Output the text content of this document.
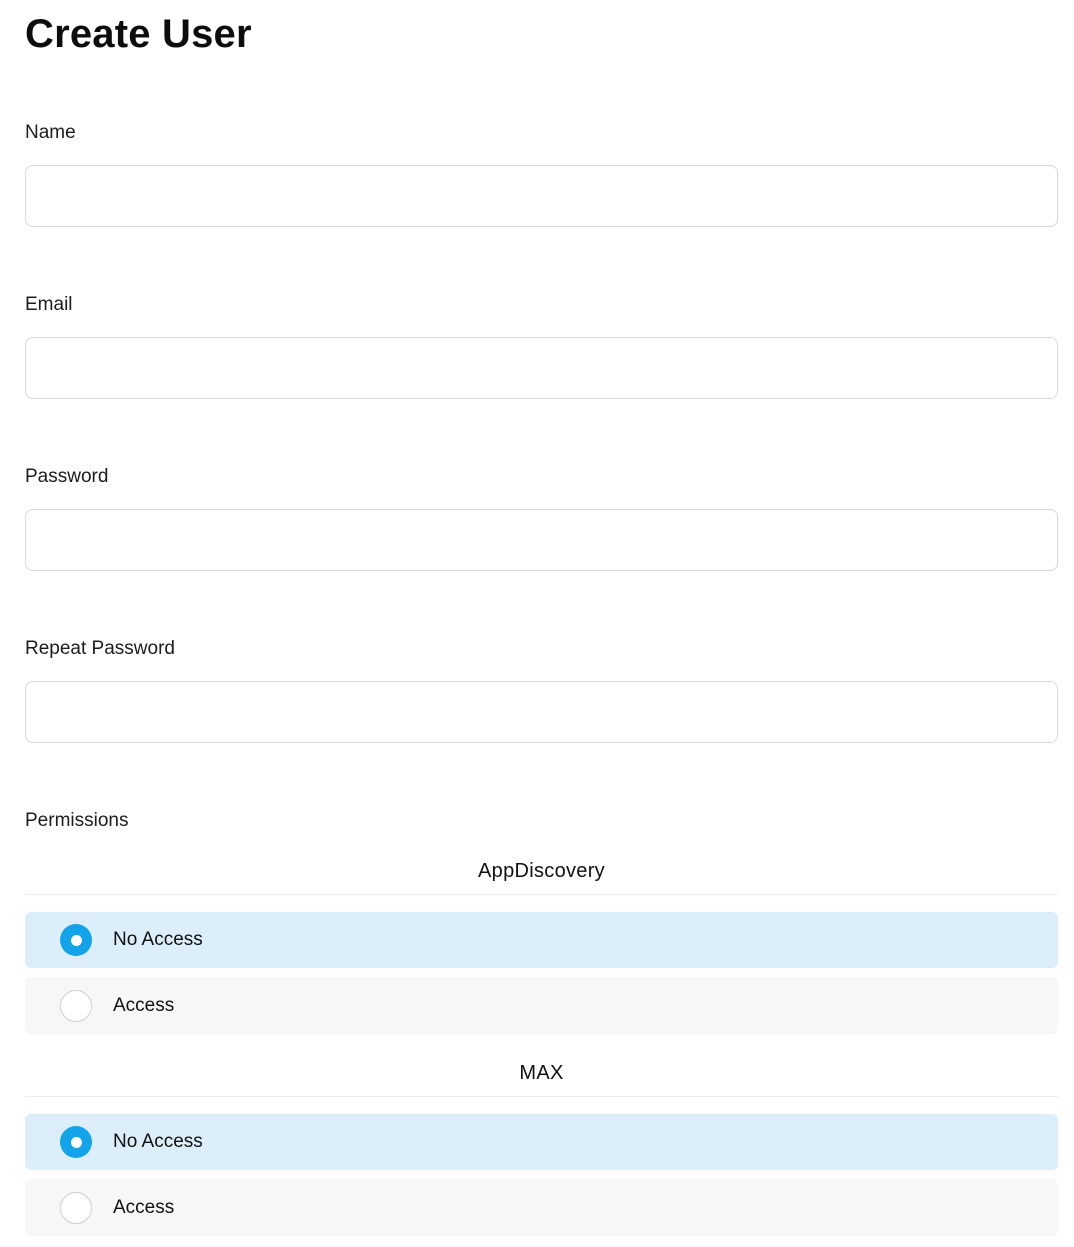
Create User
Name
Email
Password
Repeat Password
Permissions
AppDiscovery
No Access
Access
MAX
No Access
Access
